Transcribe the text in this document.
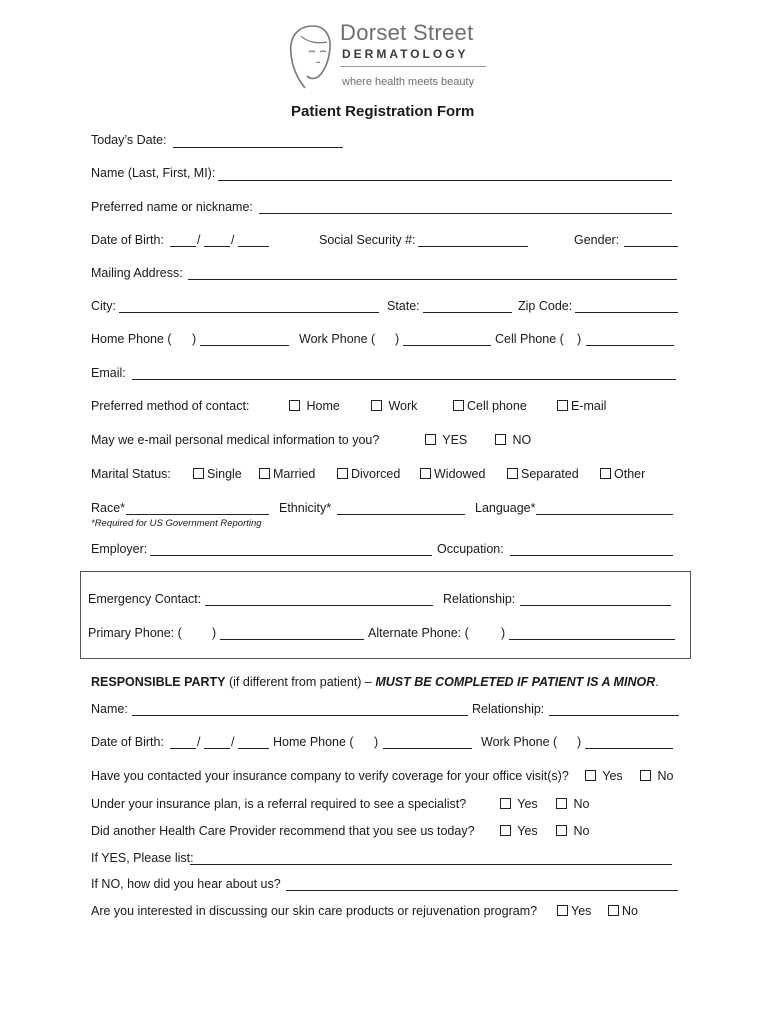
Dorset Street
DERMATOLOGY
where health meets beauty
Patient Registration Form
Today’s Date:
Name (Last, First, MI):
Preferred name or nickname:
Date of Birth:	/ /	Social Security #:	Gender:
Mailing Address:
City:	State:	Zip Code:
Home Phone ( )	Work Phone ( )	Cell Phone ( )
Email:
Preferred method of contact:	Home	Work	Cell phone	E-mail
May we e-mail personal medical information to you?	YES	NO
Marital Status:	Single	Married	Divorced	Widowed	Separated	Other
Race*	Ethnicity*	Language*
*Required for US Government Reporting
Employer:	Occupation:
Emergency Contact:	Relationship:
Primary Phone: ( )	Alternate Phone: (	)
RESPONSIBLE PARTY (if different from patient) – MUST BE COMPLETED IF PATIENT IS A MINOR.
Name:	Relationship:
Date of Birth:	/ /	Home Phone ( )	Work Phone ( )
Have you contacted your insurance company to verify coverage for your office visit(s)?	Yes	No
Under your insurance plan, is a referral required to see a specialist?	Yes	No
Did another Health Care Provider recommend that you see us today?	Yes	No
If YES, Please list:
If NO, how did you hear about us?
Are you interested in discussing our skin care products or rejuvenation program?	Yes	No
